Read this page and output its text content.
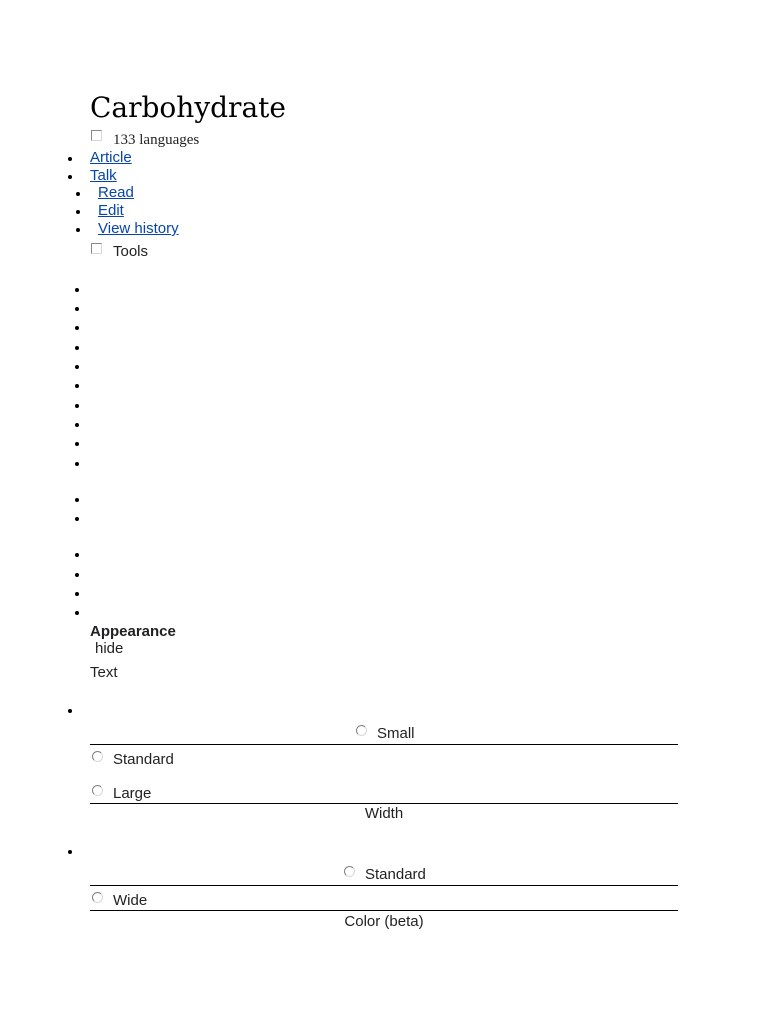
Carbohydrate
133 languages
Article
Talk
Read
Edit
View history
Tools
Appearance
hide
Text
Small
Standard
Large
Width
Standard
Wide
Color (beta)
